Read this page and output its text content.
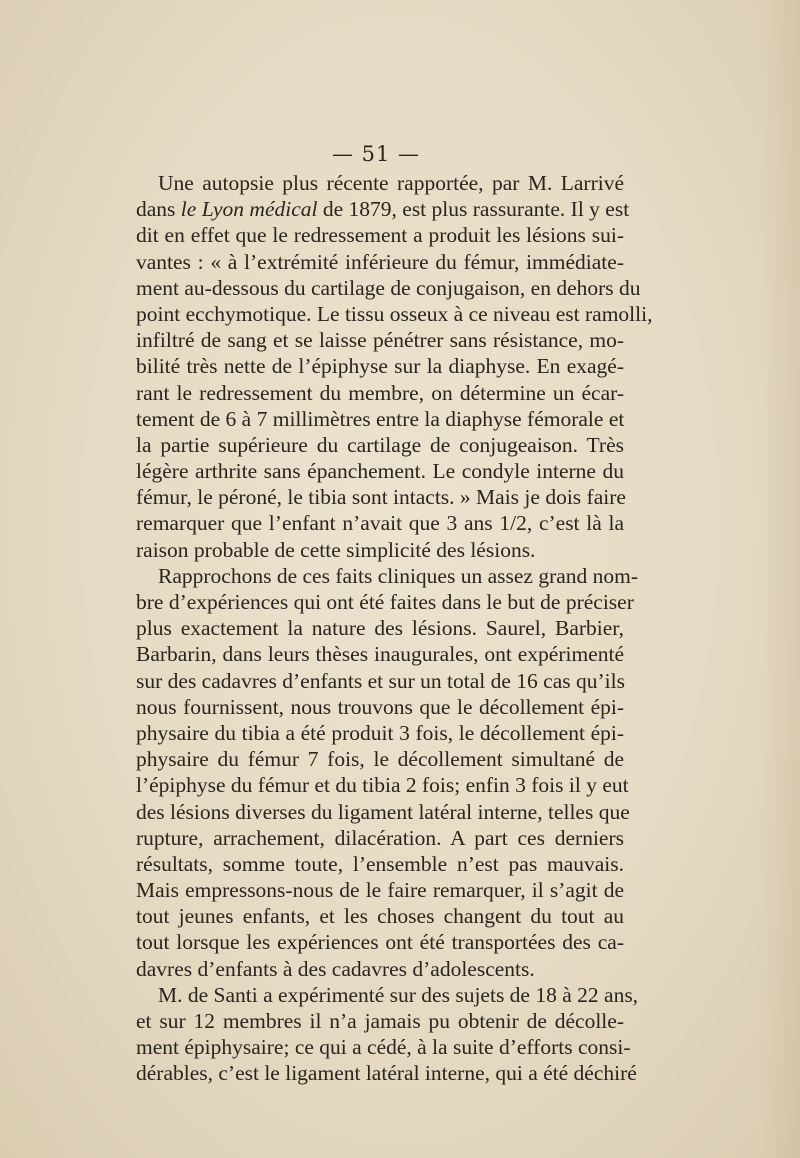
— 51 —
Une autopsie plus récente rapportée, par M. Larrivé
dans le Lyon médical de 1879, est plus rassurante. Il y est
dit en effet que le redressement a produit les lésions sui-
vantes : « à l’extrémité inférieure du fémur, immédiate-
ment au-dessous du cartilage de conjugaison, en dehors du
point ecchymotique. Le tissu osseux à ce niveau est ramolli,
infiltré de sang et se laisse pénétrer sans résistance, mo-
bilité très nette de l’épiphyse sur la diaphyse. En exagé-
rant le redressement du membre, on détermine un écar-
tement de 6 à 7 millimètres entre la diaphyse fémorale et
la partie supérieure du cartilage de conjugeaison. Très
légère arthrite sans épanchement. Le condyle interne du
fémur, le péroné, le tibia sont intacts. » Mais je dois faire
remarquer que l’enfant n’avait que 3 ans 1/2, c’est là la
raison probable de cette simplicité des lésions.
Rapprochons de ces faits cliniques un assez grand nom-
bre d’expériences qui ont été faites dans le but de préciser
plus exactement la nature des lésions. Saurel, Barbier,
Barbarin, dans leurs thèses inaugurales, ont expérimenté
sur des cadavres d’enfants et sur un total de 16 cas qu’ils
nous fournissent, nous trouvons que le décollement épi-
physaire du tibia a été produit 3 fois, le décollement épi-
physaire du fémur 7 fois, le décollement simultané de
l’épiphyse du fémur et du tibia 2 fois; enfin 3 fois il y eut
des lésions diverses du ligament latéral interne, telles que
rupture, arrachement, dilacération. A part ces derniers
résultats, somme toute, l’ensemble n’est pas mauvais.
Mais empressons-nous de le faire remarquer, il s’agit de
tout jeunes enfants, et les choses changent du tout au
tout lorsque les expériences ont été transportées des ca-
davres d’enfants à des cadavres d’adolescents.
M. de Santi a expérimenté sur des sujets de 18 à 22 ans,
et sur 12 membres il n’a jamais pu obtenir de décolle-
ment épiphysaire; ce qui a cédé, à la suite d’efforts consi-
dérables, c’est le ligament latéral interne, qui a été déchiré
